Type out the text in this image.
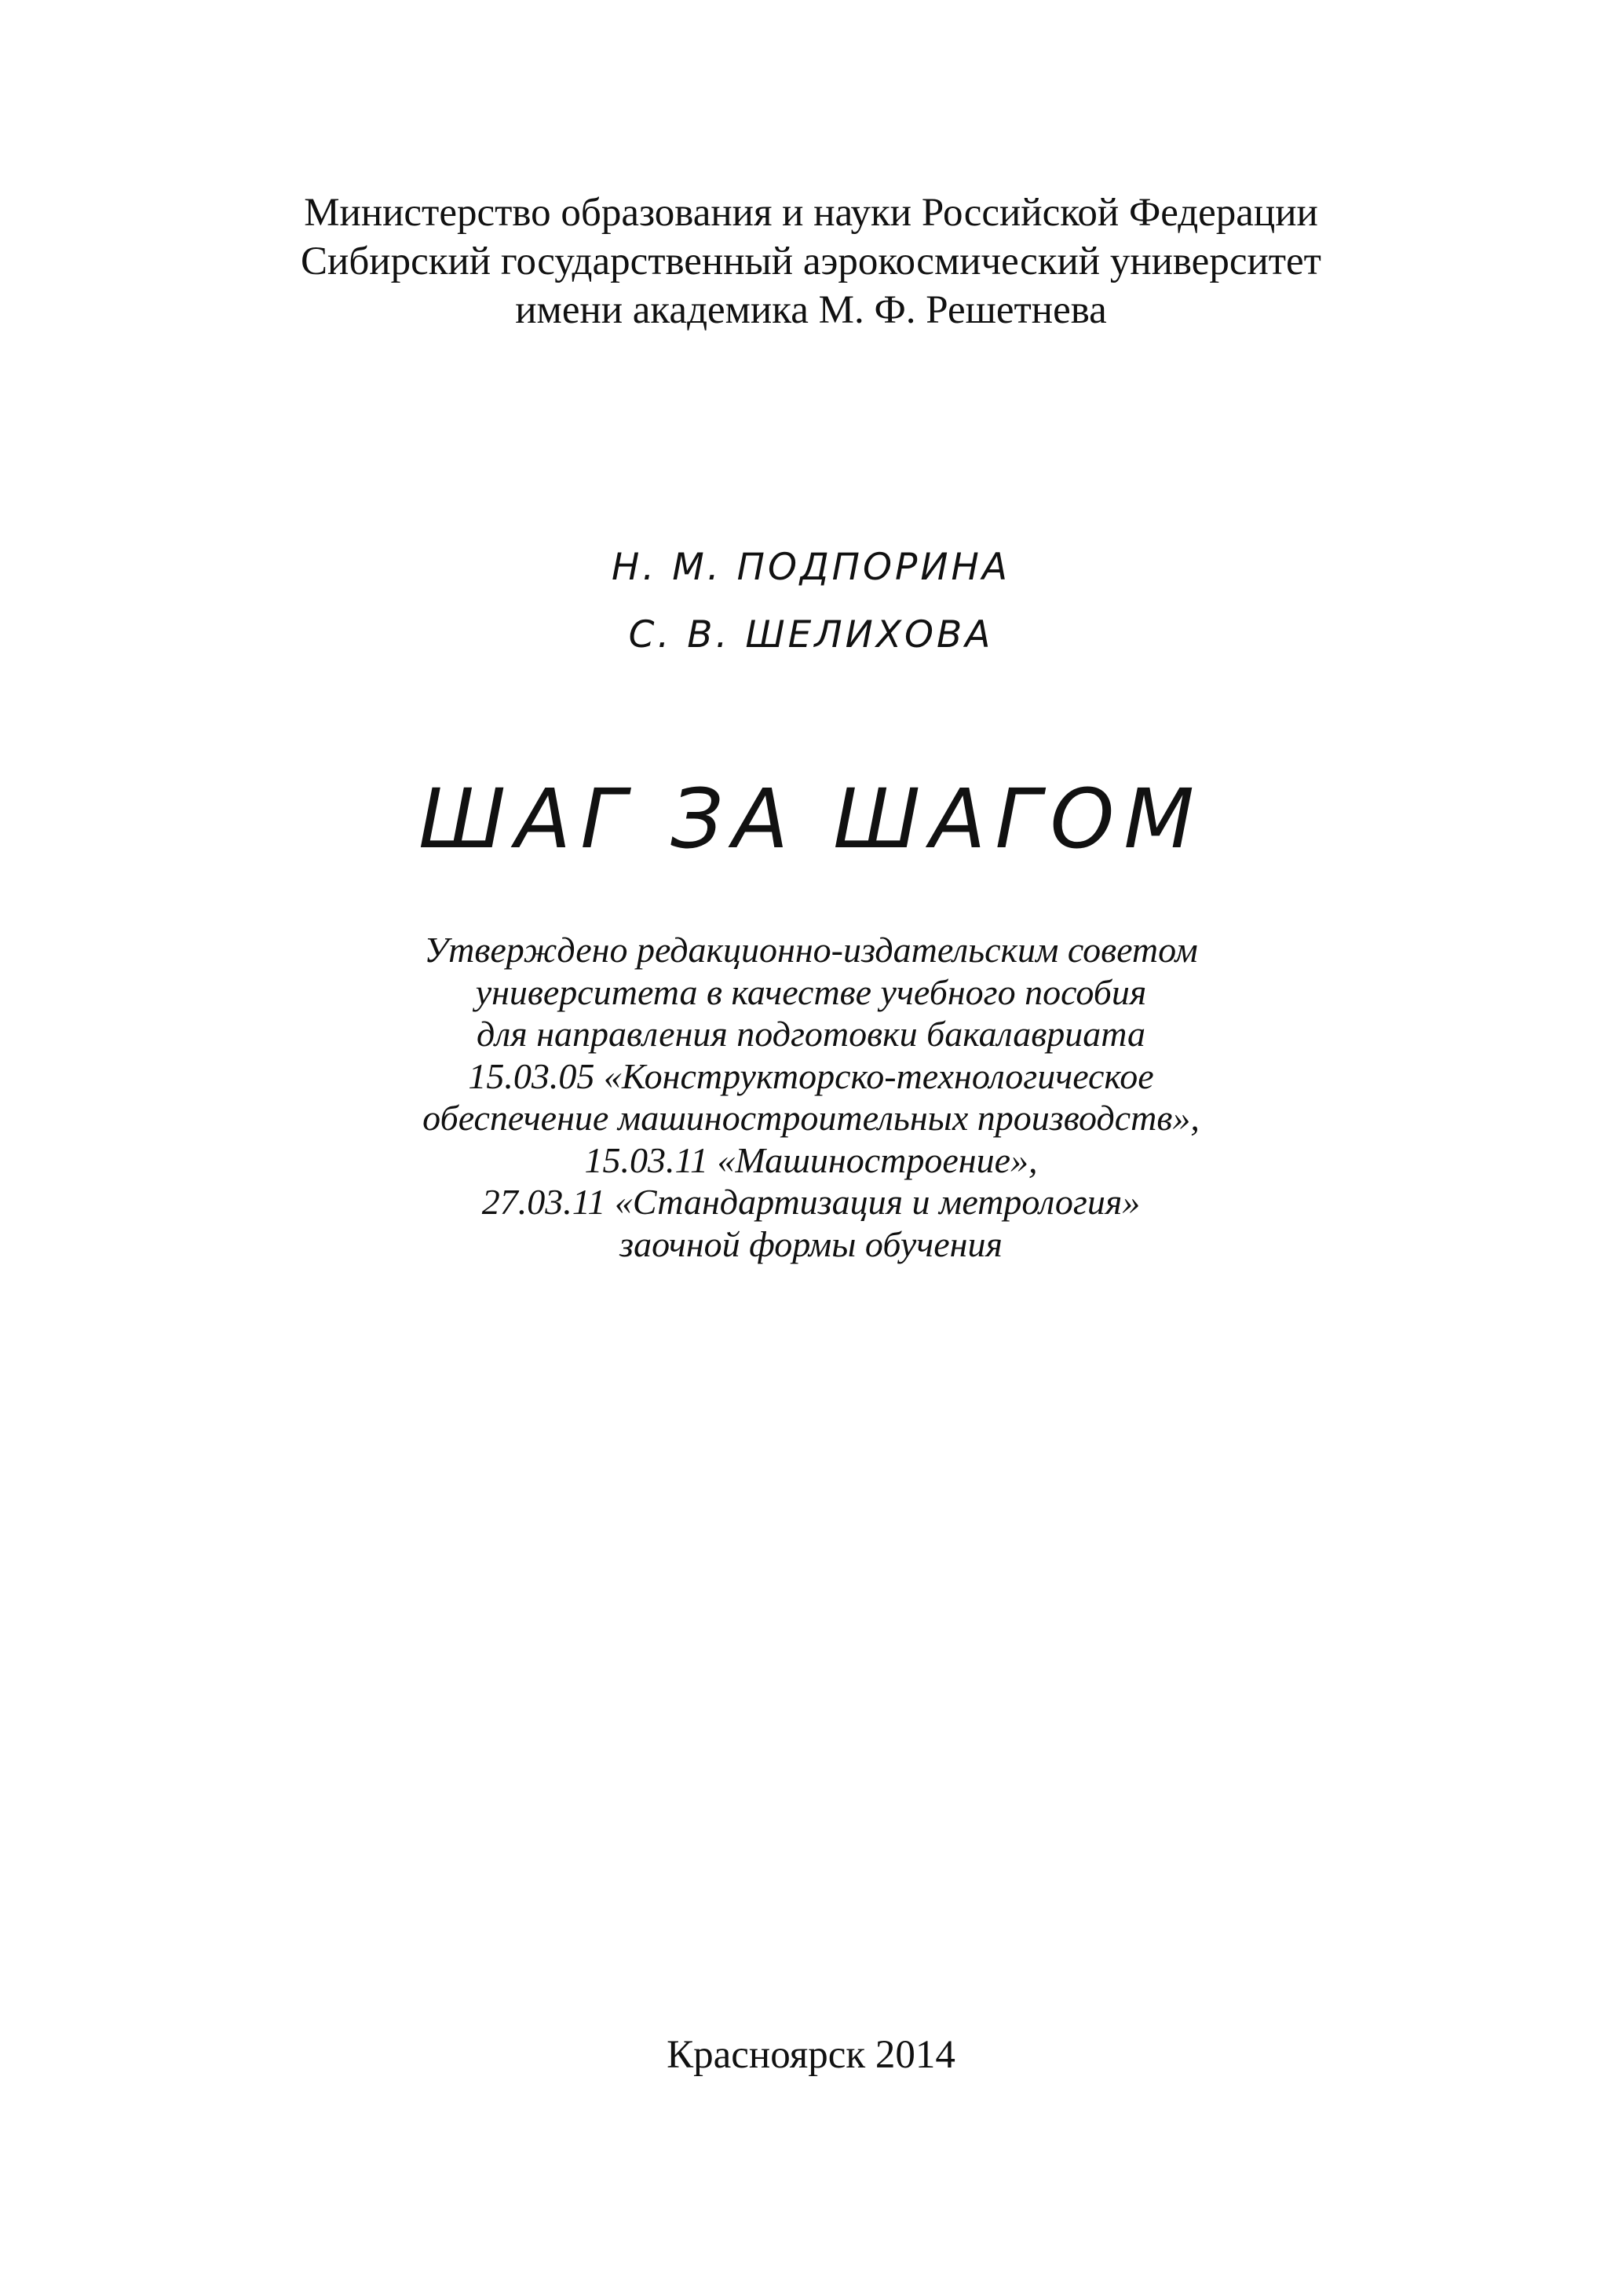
Министерство образования и науки Российской Федерации
Сибирский государственный аэрокосмический университет
имени академика М. Ф. Решетнева
Н. М. ПОДПОРИНА
С. В. ШЕЛИХОВА
ШАГ ЗА ШАГОМ
Утверждено редакционно-издательским советом
университета в качестве учебного пособия
для направления подготовки бакалавриата
15.03.05 «Конструкторско-технологическое
обеспечение машиностроительных производств»,
15.03.11 «Машиностроение»,
27.03.11 «Стандартизация и метрология»
заочной формы обучения
Красноярск 2014
